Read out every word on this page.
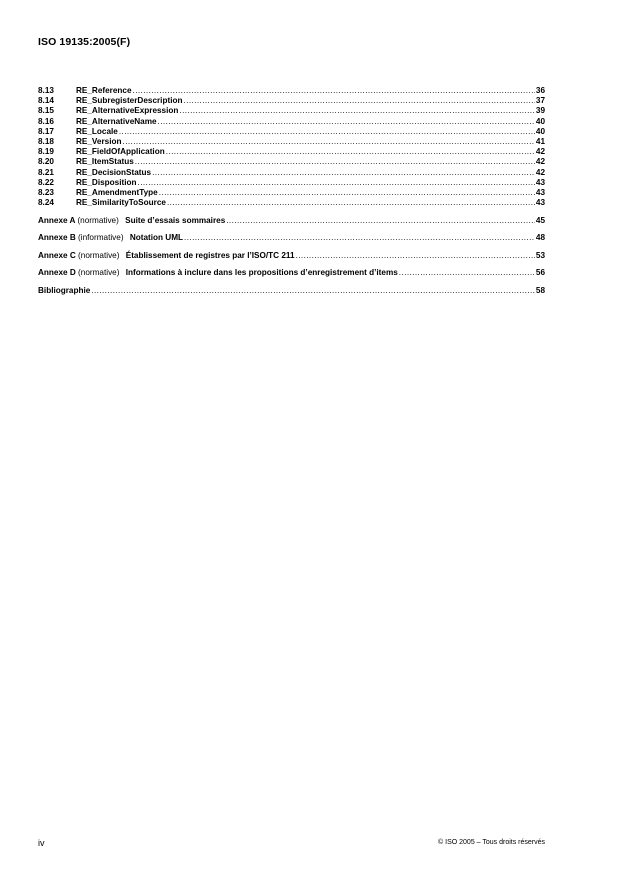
ISO 19135:2005(F)
8.13	RE_Reference .....	36
8.14	RE_SubregisterDescription .....	37
8.15	RE_AlternativeExpression .....	39
8.16	RE_AlternativeName .....	40
8.17	RE_Locale .....	40
8.18	RE_Version .....	41
8.19	RE_FieldOfApplication .....	42
8.20	RE_ItemStatus .....	42
8.21	RE_DecisionStatus .....	42
8.22	RE_Disposition .....	43
8.23	RE_AmendmentType .....	43
8.24	RE_SimilarityToSource .....	43
Annexe A (normative) Suite d’essais sommaires .....	45
Annexe B (informative) Notation UML .....	48
Annexe C (normative) Établissement de registres par l’ISO/TC 211 .....	53
Annexe D (normative) Informations à inclure dans les propositions d’enregistrement d’items .....	56
Bibliographie .....	58
iv	© ISO 2005 – Tous droits réservés
